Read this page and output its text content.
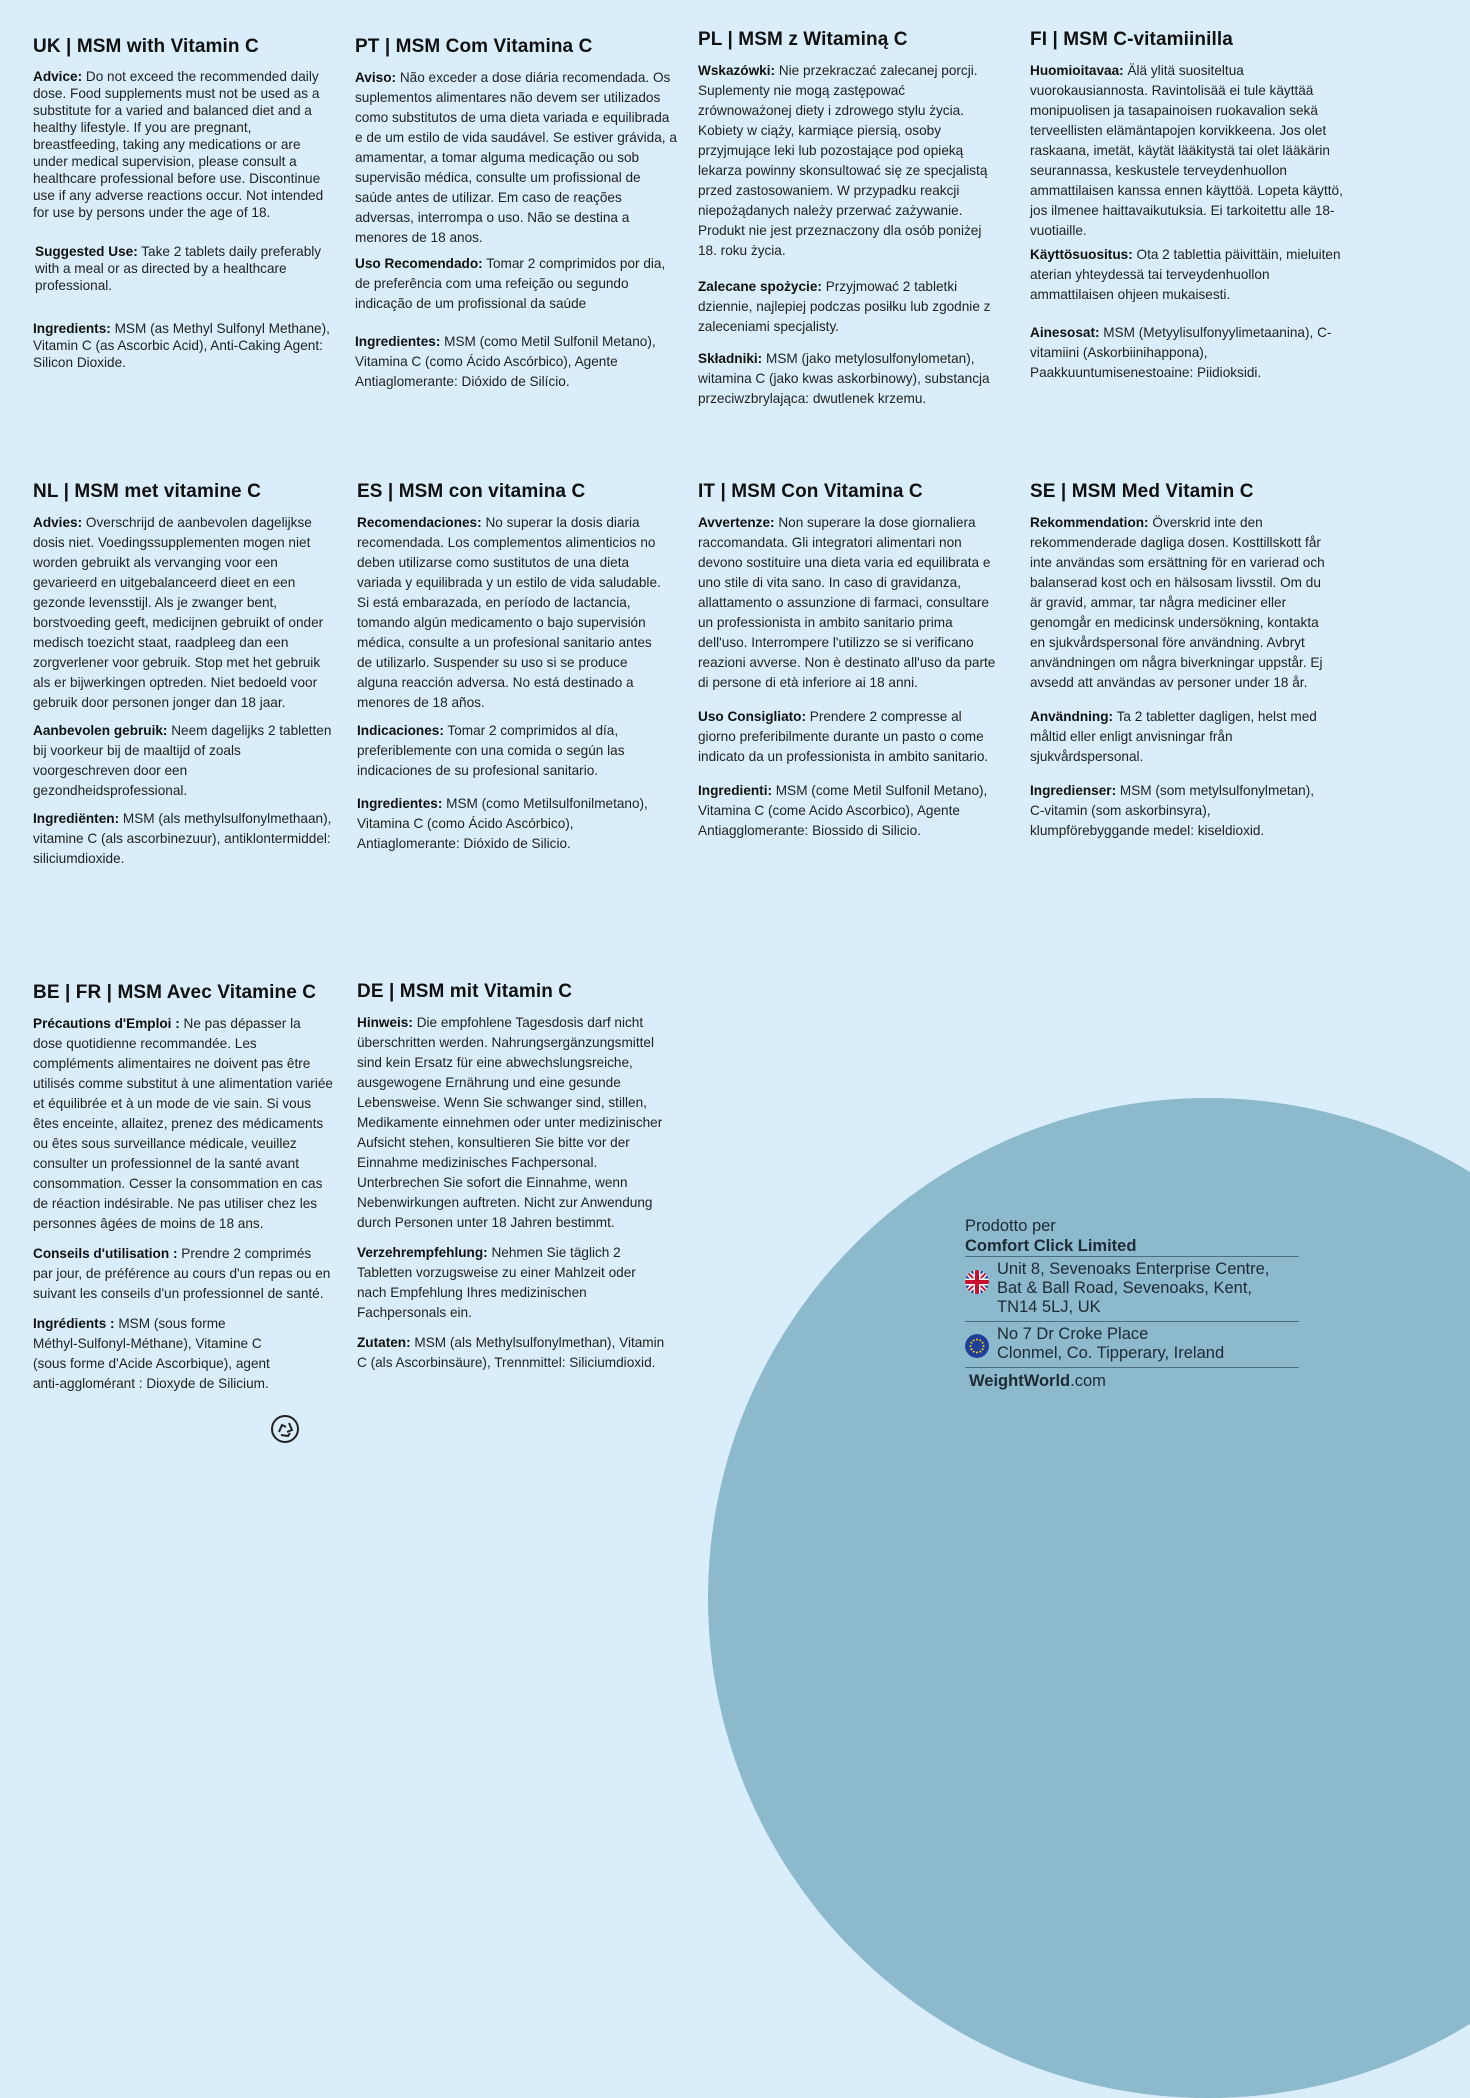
UK | MSM with Vitamin C

Advice: Do not exceed the recommended daily dose. Food supplements must not be used as a substitute for a varied and balanced diet and a healthy lifestyle. If you are pregnant, breastfeeding, taking any medications or are under medical supervision, please consult a healthcare professional before use. Discontinue use if any adverse reactions occur. Not intended for use by persons under the age of 18.

Suggested Use: Take 2 tablets daily preferably with a meal or as directed by a healthcare professional.

Ingredients: MSM (as Methyl Sulfonyl Methane), Vitamin C (as Ascorbic Acid), Anti-Caking Agent: Silicon Dioxide.

PT | MSM Com Vitamina C

Aviso: Não exceder a dose diária recomendada. Os suplementos alimentares não devem ser utilizados como substitutos de uma dieta variada e equilibrada e de um estilo de vida saudável. Se estiver grávida, a amamentar, a tomar alguma medicação ou sob supervisão médica, consulte um profissional de saúde antes de utilizar. Em caso de reações adversas, interrompa o uso. Não se destina a menores de 18 anos.

Uso Recomendado: Tomar 2 comprimidos por dia, de preferência com uma refeição ou segundo indicação de um profissional da saúde

Ingredientes: MSM (como Metil Sulfonil Metano), Vitamina C (como Ácido Ascórbico), Agente Antiaglomerante: Dióxido de Silício.

PL | MSM z Witaminą C

Wskazówki: Nie przekraczać zalecanej porcji. Suplementy nie mogą zastępować zrównoważonej diety i zdrowego stylu życia. Kobiety w ciąży, karmiące piersią, osoby przyjmujące leki lub pozostające pod opieką lekarza powinny skonsultować się ze specjalistą przed zastosowaniem. W przypadku reakcji niepożądanych należy przerwać zażywanie. Produkt nie jest przeznaczony dla osób poniżej 18. roku życia.

Zalecane spożycie: Przyjmować 2 tabletki dziennie, najlepiej podczas posiłku lub zgodnie z zaleceniami specjalisty.

Składniki: MSM (jako metylosulfonylometan), witamina C (jako kwas askorbinowy), substancja przeciwzbrylająca: dwutlenek krzemu.

FI | MSM C-vitamiinilla

Huomioitavaa: Älä ylitä suositeltua vuorokausiannosta. Ravintolisää ei tule käyttää monipuolisen ja tasapainoisen ruokavalion sekä terveellisten elämäntapojen korvikkeena. Jos olet raskaana, imetät, käytät lääkitystä tai olet lääkärin seurannassa, keskustele terveydenhuollon ammattilaisen kanssa ennen käyttöä. Lopeta käyttö, jos ilmenee haittavaikutuksia. Ei tarkoitettu alle 18-vuotiaille.

Käyttösuositus: Ota 2 tablettia päivittäin, mieluiten aterian yhteydessä tai terveydenhuollon ammattilaisen ohjeen mukaisesti.

Ainesosat: MSM (Metyylisulfonyylimetaanina), C-vitamiini (Askorbiinihappona), Paakkuuntumisenestoaine: Piidioksidi.

NL | MSM met vitamine C

Advies: Overschrijd de aanbevolen dagelijkse dosis niet. Voedingssupplementen mogen niet worden gebruikt als vervanging voor een gevarieerd en uitgebalanceerd dieet en een gezonde levensstijl. Als je zwanger bent, borstvoeding geeft, medicijnen gebruikt of onder medisch toezicht staat, raadpleeg dan een zorgverlener voor gebruik. Stop met het gebruik als er bijwerkingen optreden. Niet bedoeld voor gebruik door personen jonger dan 18 jaar.

Aanbevolen gebruik: Neem dagelijks 2 tabletten bij voorkeur bij de maaltijd of zoals voorgeschreven door een gezondheidsprofessional.

Ingrediënten: MSM (als methylsulfonylmethaan), vitamine C (als ascorbinezuur), antiklontermiddel: siliciumdioxide.

ES | MSM con vitamina C

Recomendaciones: No superar la dosis diaria recomendada. Los complementos alimenticios no deben utilizarse como sustitutos de una dieta variada y equilibrada y un estilo de vida saludable. Si está embarazada, en período de lactancia, tomando algún medicamento o bajo supervisión médica, consulte a un profesional sanitario antes de utilizarlo. Suspender su uso si se produce alguna reacción adversa. No está destinado a menores de 18 años.

Indicaciones: Tomar 2 comprimidos al día, preferiblemente con una comida o según las indicaciones de su profesional sanitario.

Ingredientes: MSM (como Metilsulfonilmetano), Vitamina C (como Ácido Ascórbico), Antiaglomerante: Dióxido de Silicio.

IT | MSM Con Vitamina C

Avvertenze: Non superare la dose giornaliera raccomandata. Gli integratori alimentari non devono sostituire una dieta varia ed equilibrata e uno stile di vita sano. In caso di gravidanza, allattamento o assunzione di farmaci, consultare un professionista in ambito sanitario prima dell'uso. Interrompere l'utilizzo se si verificano reazioni avverse. Non è destinato all'uso da parte di persone di età inferiore ai 18 anni.

Uso Consigliato: Prendere 2 compresse al giorno preferibilmente durante un pasto o come indicato da un professionista in ambito sanitario.

Ingredienti: MSM (come Metil Sulfonil Metano), Vitamina C (come Acido Ascorbico), Agente Antiagglomerante: Biossido di Silicio.

SE | MSM Med Vitamin C

Rekommendation: Överskrid inte den rekommenderade dagliga dosen. Kosttillskott får inte användas som ersättning för en varierad och balanserad kost och en hälsosam livsstil. Om du är gravid, ammar, tar några mediciner eller genomgår en medicinsk undersökning, kontakta en sjukvårdspersonal före användning. Avbryt användningen om några biverkningar uppstår. Ej avsedd att användas av personer under 18 år.

Användning: Ta 2 tabletter dagligen, helst med måltid eller enligt anvisningar från sjukvårdspersonal.

Ingredienser: MSM (som metylsulfonylmetan), C-vitamin (som askorbinsyra), klumpförebyggande medel: kiseldioxid.

BE | FR | MSM Avec Vitamine C

Précautions d'Emploi : Ne pas dépasser la dose quotidienne recommandée. Les compléments alimentaires ne doivent pas être utilisés comme substitut à une alimentation variée et équilibrée et à un mode de vie sain. Si vous êtes enceinte, allaitez, prenez des médicaments ou êtes sous surveillance médicale, veuillez consulter un professionnel de la santé avant consommation. Cesser la consommation en cas de réaction indésirable. Ne pas utiliser chez les personnes âgées de moins de 18 ans.

Conseils d'utilisation : Prendre 2 comprimés par jour, de préférence au cours d'un repas ou en suivant les conseils d'un professionnel de santé.

Ingrédients : MSM (sous forme Méthyl-Sulfonyl-Méthane), Vitamine C (sous forme d'Acide Ascorbique), agent anti-agglomérant : Dioxyde de Silicium.

DE | MSM mit Vitamin C

Hinweis: Die empfohlene Tagesdosis darf nicht überschritten werden. Nahrungsergänzungsmittel sind kein Ersatz für eine abwechslungsreiche, ausgewogene Ernährung und eine gesunde Lebensweise. Wenn Sie schwanger sind, stillen, Medikamente einnehmen oder unter medizinischer Aufsicht stehen, konsultieren Sie bitte vor der Einnahme medizinisches Fachpersonal. Unterbrechen Sie sofort die Einnahme, wenn Nebenwirkungen auftreten. Nicht zur Anwendung durch Personen unter 18 Jahren bestimmt.

Verzehrempfehlung: Nehmen Sie täglich 2 Tabletten vorzugsweise zu einer Mahlzeit oder nach Empfehlung Ihres medizinischen Fachpersonals ein.

Zutaten: MSM (als Methylsulfonylmethan), Vitamin C (als Ascorbinsäure), Trennmittel: Siliciumdioxid.

Prodotto per
Comfort Click Limited
Unit 8, Sevenoaks Enterprise Centre,
Bat & Ball Road, Sevenoaks, Kent,
TN14 5LJ, UK
No 7 Dr Croke Place
Clonmel, Co. Tipperary, Ireland
WeightWorld.com
